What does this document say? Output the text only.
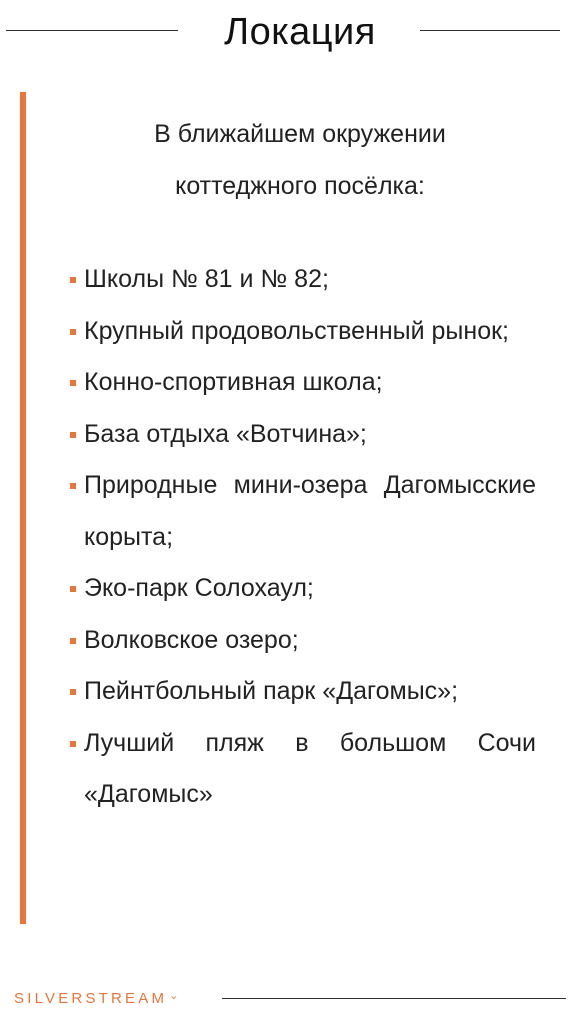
Локация
В ближайшем окружении
коттеджного посёлка:
Школы № 81 и № 82;
Крупный продовольственный рынок;
Конно-спортивная школа;
База отдыха «Вотчина»;
Природные мини-озера Дагомысские корыта;
Эко-парк Солохаул;
Волковское озеро;
Пейнтбольный парк «Дагомыс»;
Лучший пляж в большом Сочи «Дагомыс»
SILVERSTREAM ⌄
